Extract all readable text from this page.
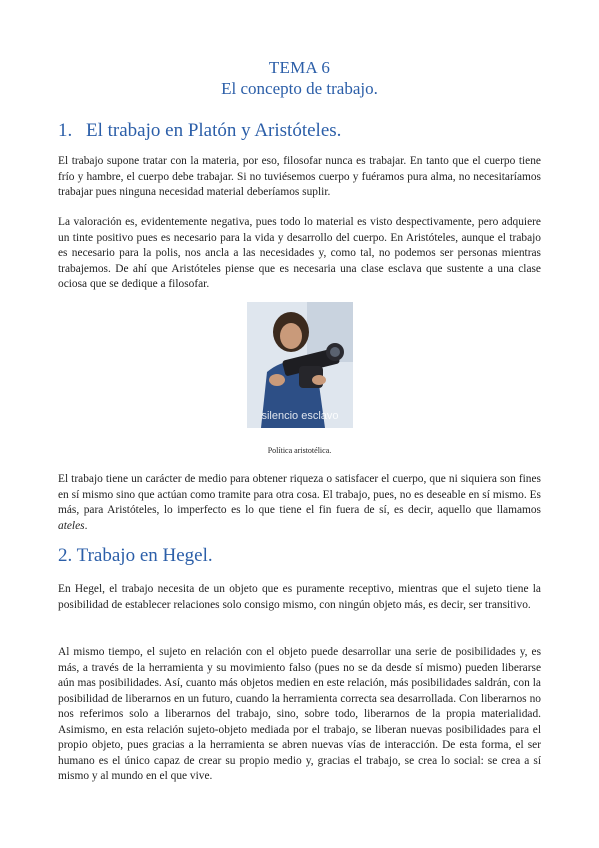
TEMA 6
El concepto de trabajo.
1. El trabajo en Platón y Aristóteles.
El trabajo supone tratar con la materia, por eso, filosofar nunca es trabajar. En tanto que el cuerpo tiene frío y hambre, el cuerpo debe trabajar. Si no tuviésemos cuerpo y fuéramos pura alma, no necesitaríamos trabajar pues ninguna necesidad material deberíamos suplir.
La valoración es, evidentemente negativa, pues todo lo material es visto despectivamente, pero adquiere un tinte positivo pues es necesario para la vida y desarrollo del cuerpo. En Aristóteles, aunque el trabajo es necesario para la polis, nos ancla a las necesidades y, como tal, no podemos ser personas mientras trabajemos. De ahí que Aristóteles piense que es necesaria una clase esclava que sustente a una clase ociosa que se dedique a filosofar.
silencio esclavo
Política aristotélica.
El trabajo tiene un carácter de medio para obtener riqueza o satisfacer el cuerpo, que ni siquiera son fines en sí mismo sino que actúan como tramite para otra cosa. El trabajo, pues, no es deseable en sí mismo. Es más, para Aristóteles, lo imperfecto es lo que tiene el fin fuera de sí, es decir, aquello que llamamos ateles.
2. Trabajo en Hegel.
En Hegel, el trabajo necesita de un objeto que es puramente receptivo, mientras que el sujeto tiene la posibilidad de establecer relaciones solo consigo mismo, con ningún objeto más, es decir, ser transitivo.
Al mismo tiempo, el sujeto en relación con el objeto puede desarrollar una serie de posibilidades y, es más, a través de la herramienta y su movimiento falso (pues no se da desde sí mismo) pueden liberarse aún mas posibilidades. Así, cuanto más objetos medien en este relación, más posibilidades saldrán, con la posibilidad de liberarnos en un futuro, cuando la herramienta correcta sea desarrollada. Con liberarnos no nos referimos solo a liberarnos del trabajo, sino, sobre todo, liberarnos de la propia materialidad. Asimismo, en esta relación sujeto-objeto mediada por el trabajo, se liberan nuevas posibilidades para el propio objeto, pues gracias a la herramienta se abren nuevas vías de interacción. De esta forma, el ser humano es el único capaz de crear su propio medio y, gracias el trabajo, se crea lo social: se crea a sí mismo y al mundo en el que vive.
